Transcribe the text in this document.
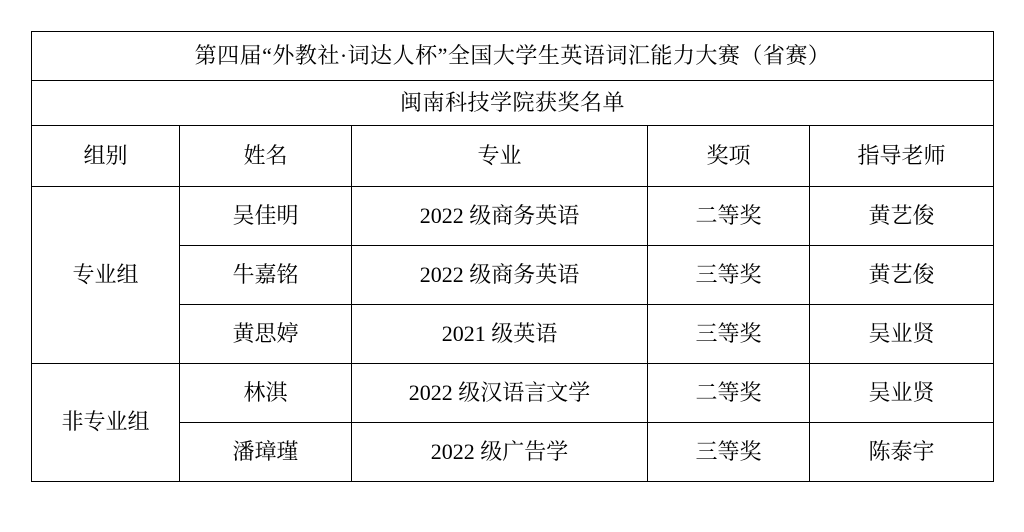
第四届“外教社·词达人杯”全国大学生英语词汇能力大赛（省赛）				
闽南科技学院获奖名单				
组别	姓名	专业	奖项	指导老师
专业组	吴佳明	2022 级商务英语	二等奖	黄艺俊
	牛嘉铭	2022 级商务英语	三等奖	黄艺俊
	黄思婷	2021 级英语	三等奖	吴业贤
非专业组	林淇	2022 级汉语言文学	二等奖	吴业贤
	潘璋瑾	2022 级广告学	三等奖	陈泰宇
